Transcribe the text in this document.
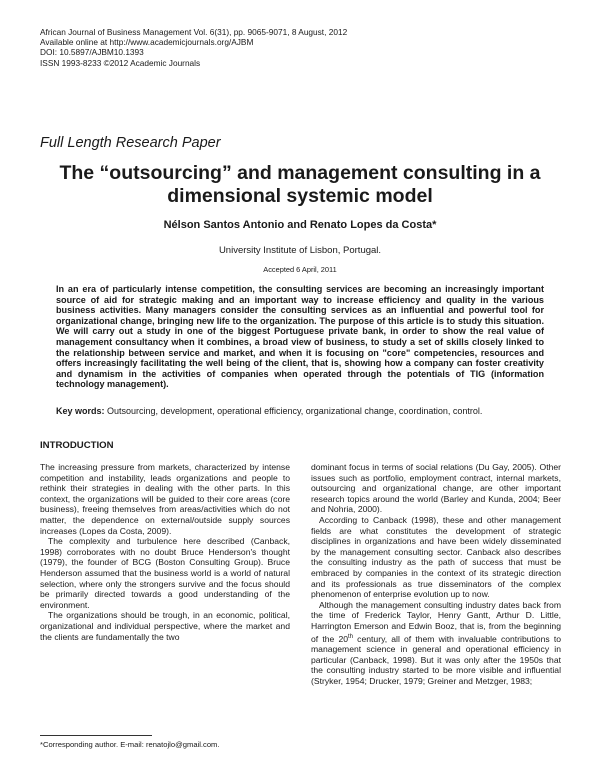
African Journal of Business Management Vol. 6(31), pp. 9065-9071, 8 August, 2012
Available online at http://www.academicjournals.org/AJBM
DOI: 10.5897/AJBM10.1393
ISSN 1993-8233 ©2012 Academic Journals
Full Length Research Paper
The “outsourcing” and management consulting in a dimensional systemic model
Nélson Santos Antonio and Renato Lopes da Costa*
University Institute of Lisbon, Portugal.
Accepted 6 April, 2011
In an era of particularly intense competition, the consulting services are becoming an increasingly important source of aid for strategic making and an important way to increase efficiency and quality in the various business activities. Many managers consider the consulting services as an influential and powerful tool for organizational change, bringing new life to the organization. The purpose of this article is to study this situation. We will carry out a study in one of the biggest Portuguese private bank, in order to show the real value of management consultancy when it combines, a broad view of business, to study a set of skills closely linked to the relationship between service and market, and when it is focusing on "core" competencies, resources and offers increasingly facilitating the well being of the client, that is, showing how a company can foster creativity and dynamism in the activities of companies when operated through the potentials of TIG (information technology management).
Key words: Outsourcing, development, operational efficiency, organizational change, coordination, control.
INTRODUCTION

The increasing pressure from markets, characterized by intense competition and instability, leads organizations and people to rethink their strategies in dealing with the other parts. In this context, the organizations will be guided to their core areas (core business), freeing themselves from areas/activities which do not matter, the dependence on external/outside supply sources increases (Lopes da Costa, 2009).

The complexity and turbulence here described (Canback, 1998) corroborates with no doubt Bruce Henderson's thought (1979), the founder of BCG (Boston Consulting Group). Bruce Henderson assumed that the business world is a world of natural selection, where only the strongers survive and the focus should be primarily directed towards a good understanding of the environment.

The organizations should be trough, in an economic, political, organizational and individual perspective, where the market and the clients are fundamentally the two

dominant focus in terms of social relations (Du Gay, 2005). Other issues such as portfolio, employment contract, internal markets, outsourcing and organizational change, are other important research topics around the world (Barley and Kunda, 2004; Beer and Nohria, 2000).

According to Canback (1998), these and other management fields are what constitutes the development of strategic disciplines in organizations and have been widely disseminated by the management consulting sector. Canback also describes the consulting industry as the path of success that must be embraced by companies in the context of its strategic direction and its professionals as true disseminators of the complex phenomenon of enterprise evolution up to now.

Although the management consulting industry dates back from the time of Frederick Taylor, Henry Gantt, Arthur D. Little, Harrington Emerson and Edwin Booz, that is, from the beginning of the 20th century, all of them with invaluable contributions to management science in general and operational efficiency in particular (Canback, 1998). But it was only after the 1950s that the consulting industry started to be more visible and influential (Stryker, 1954; Drucker, 1979; Greiner and Metzger, 1983;

*Corresponding author. E-mail: renatojlo@gmail.com.
